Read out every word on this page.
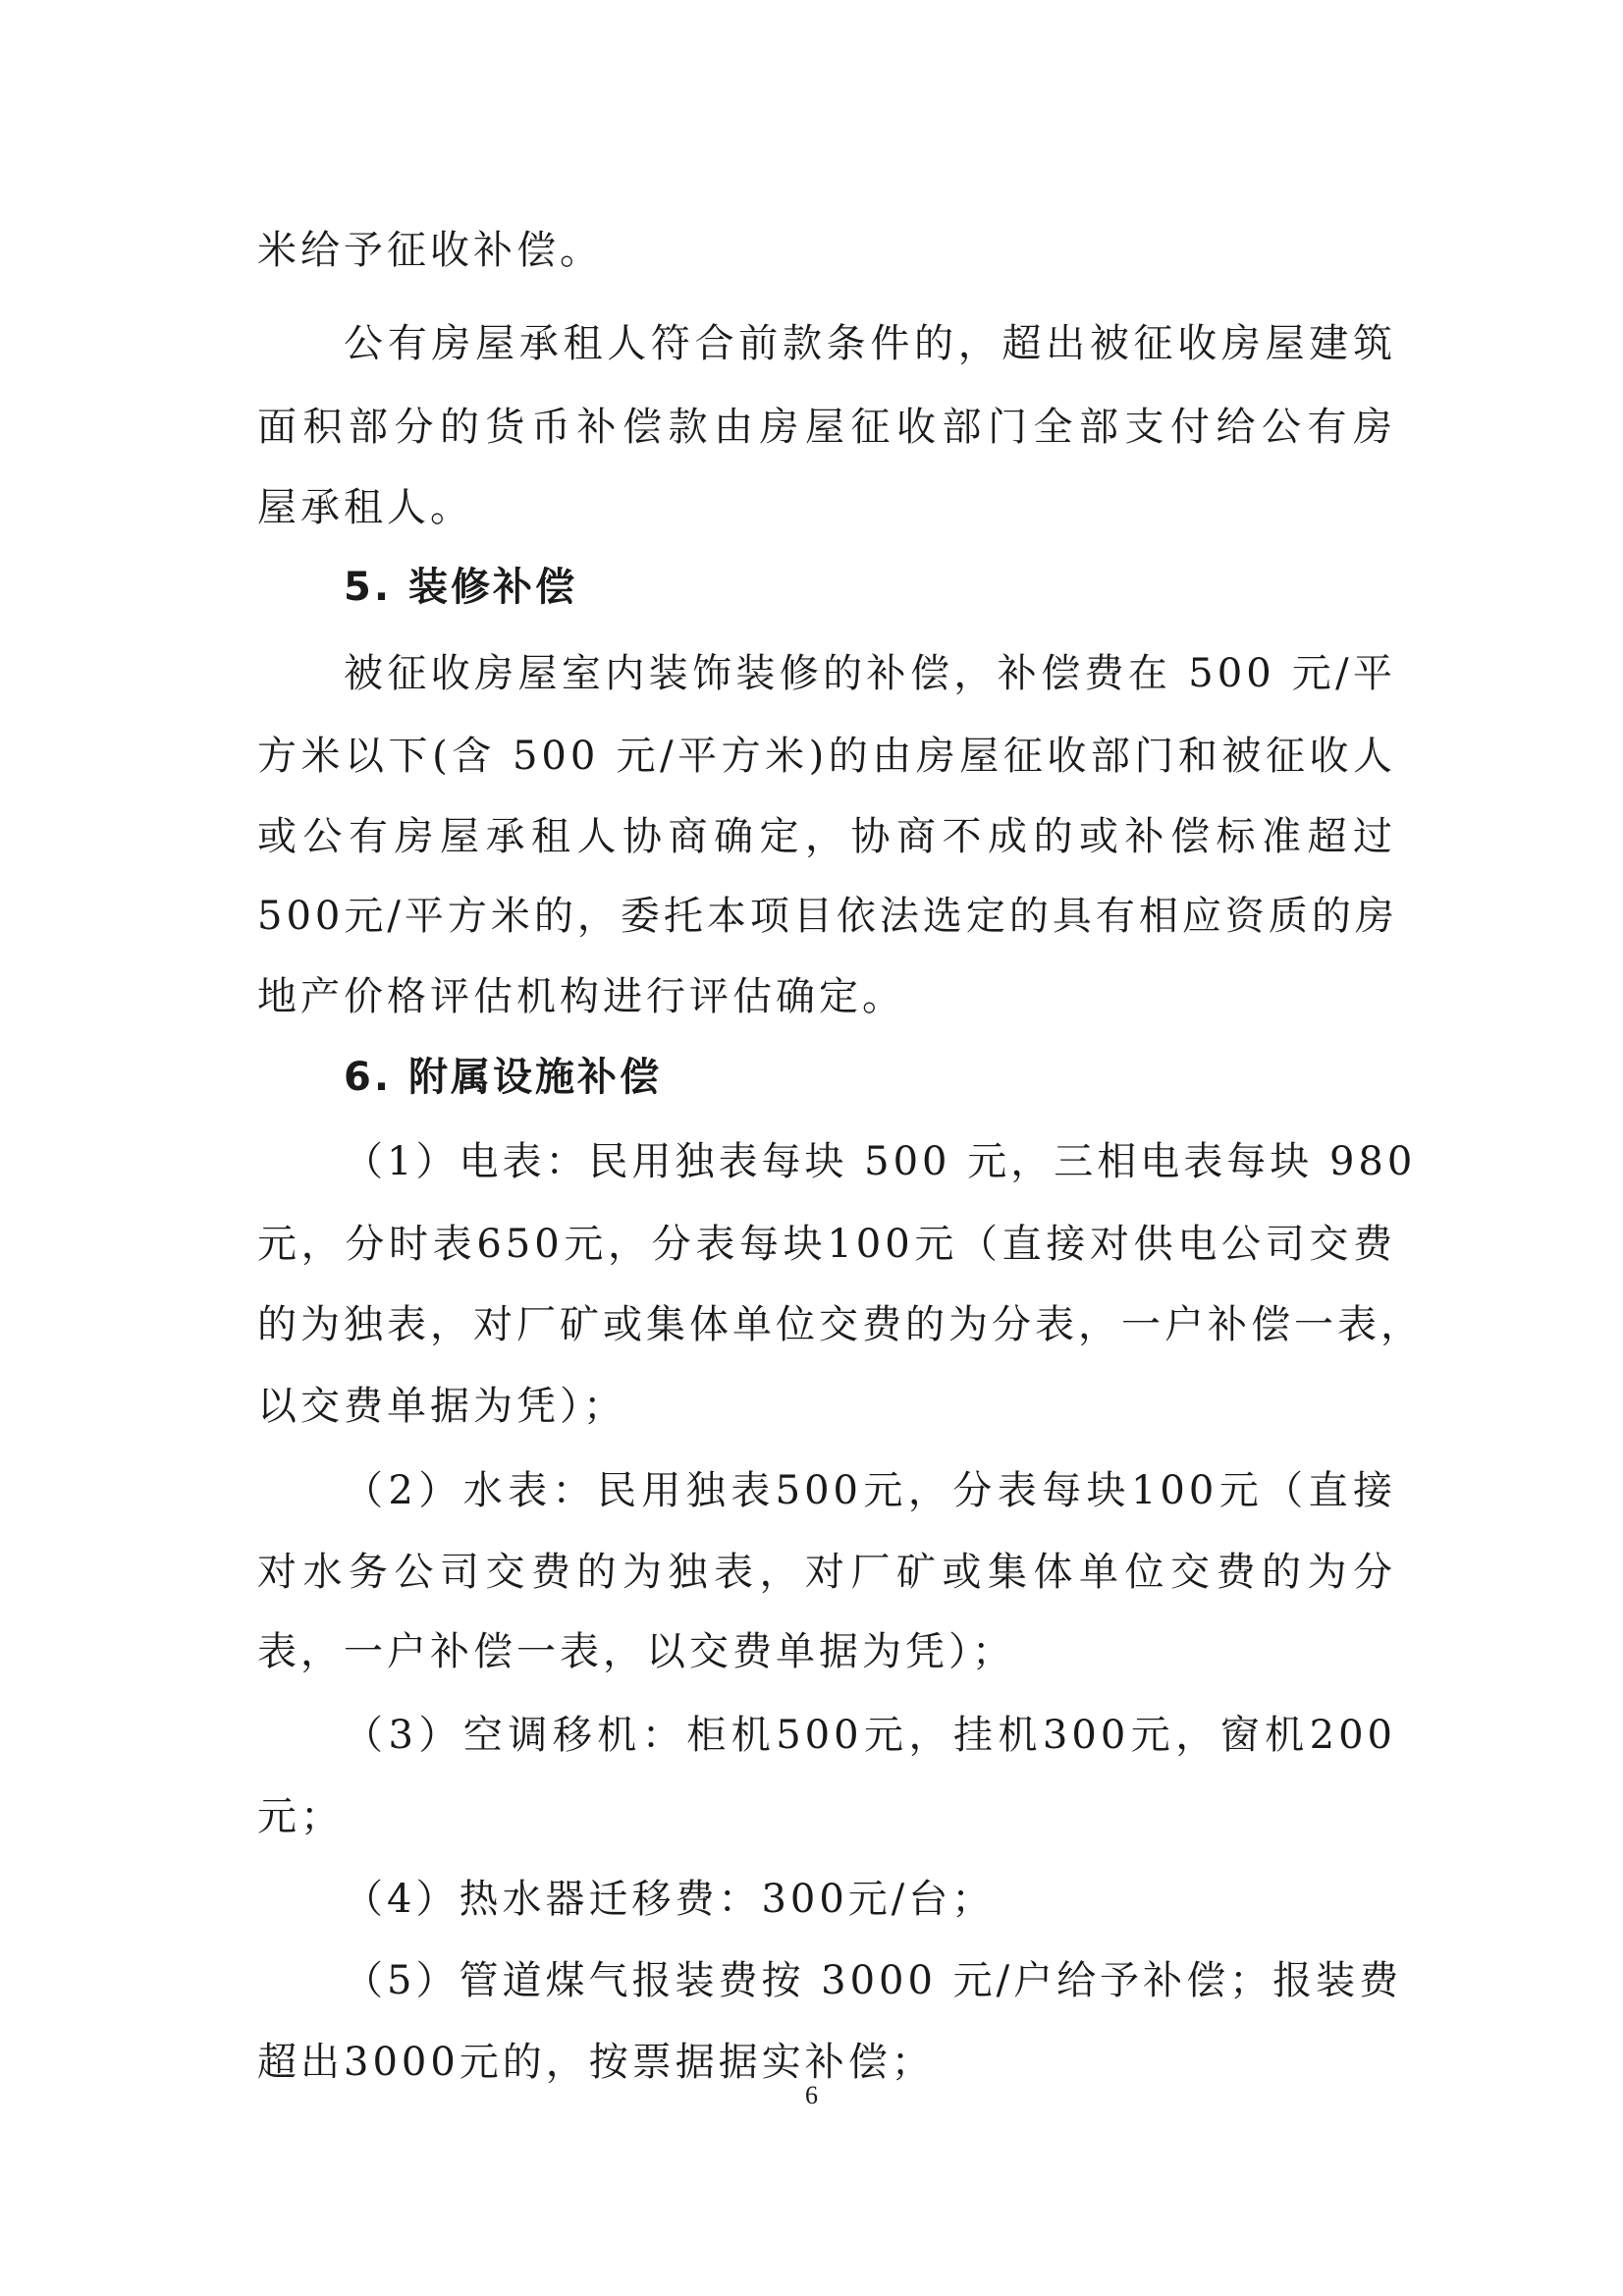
米给予征收补偿。
公有房屋承租人符合前款条件的，超出被征收房屋建筑
面积部分的货币补偿款由房屋征收部门全部支付给公有房
屋承租人。
5. 装修补偿
被征收房屋室内装饰装修的补偿，补偿费在 500 元/平
方米以下(含 500 元/平方米)的由房屋征收部门和被征收人
或公有房屋承租人协商确定，协商不成的或补偿标准超过
500元/平方米的，委托本项目依法选定的具有相应资质的房
地产价格评估机构进行评估确定。
6. 附属设施补偿
（1）电表：民用独表每块 500 元，三相电表每块 980
元，分时表650元，分表每块100元（直接对供电公司交费
的为独表，对厂矿或集体单位交费的为分表，一户补偿一表，
以交费单据为凭）；
（2）水表：民用独表500元，分表每块100元（直接
对水务公司交费的为独表，对厂矿或集体单位交费的为分
表，一户补偿一表，以交费单据为凭）；
（3）空调移机：柜机500元，挂机300元，窗机200
元；
（4）热水器迁移费：300元/台；
（5）管道煤气报装费按 3000 元/户给予补偿；报装费
超出3000元的，按票据据实补偿；
6
